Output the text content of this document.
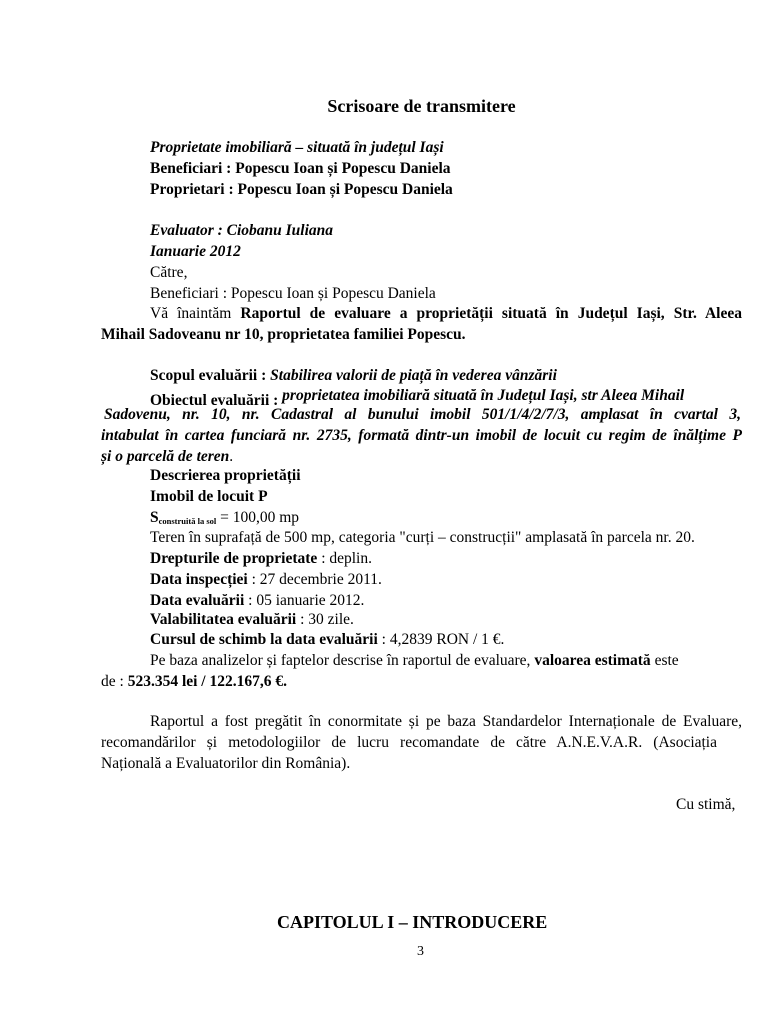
Scrisoare de transmitere
Proprietate imobiliară – situată în județul Iași
Beneficiari : Popescu Ioan și Popescu Daniela
Proprietari : Popescu Ioan și Popescu Daniela
Evaluator : Ciobanu Iuliana
Ianuarie 2012
Către,
Beneficiari : Popescu Ioan și Popescu Daniela
Vă înaintăm Raportul de evaluare a proprietății situată în Județul Iași, Str. Aleea
Mihail Sadoveanu nr 10, proprietatea familiei Popescu.
Scopul evaluării : Stabilirea valorii de piață în vederea vânzării
Obiectul evaluării : proprietatea imobiliară situată în Județul Iași, str Aleea Mihail
Sadovenu, nr. 10, nr. Cadastral al bunului imobil 501/1/4/2/7/3, amplasat în cvartal 3,
intabulat în cartea funciară nr. 2735, formată dintr-un imobil de locuit cu regim de înălțime P
și o parcelă de teren.
Descrierea proprietății
Imobil de locuit P
$S_{construită la sol} = 100,00$ mp
Teren în suprafață de 500 mp, categoria "curți – construcții" amplasată în parcela nr. 20.
Drepturile de proprietate : deplin.
Data inspecției : 27 decembrie 2011.
Data evaluării : 05 ianuarie 2012.
Valabilitatea evaluării : 30 zile.
Cursul de schimb la data evaluării : 4,2839 RON / 1 €.
Pe baza analizelor și faptelor descrise în raportul de evaluare, valoarea estimată este
de : 523.354 lei / 122.167,6 €.
Raportul a fost pregătit în conormitate și pe baza Standardelor Internaționale de Evaluare,
recomandărilor și metodologiilor de lucru recomandate de către A.N.E.V.A.R. (Asociația
Națională a Evaluatorilor din România).
Cu stimă,
CAPITOLUL I – INTRODUCERE
3
